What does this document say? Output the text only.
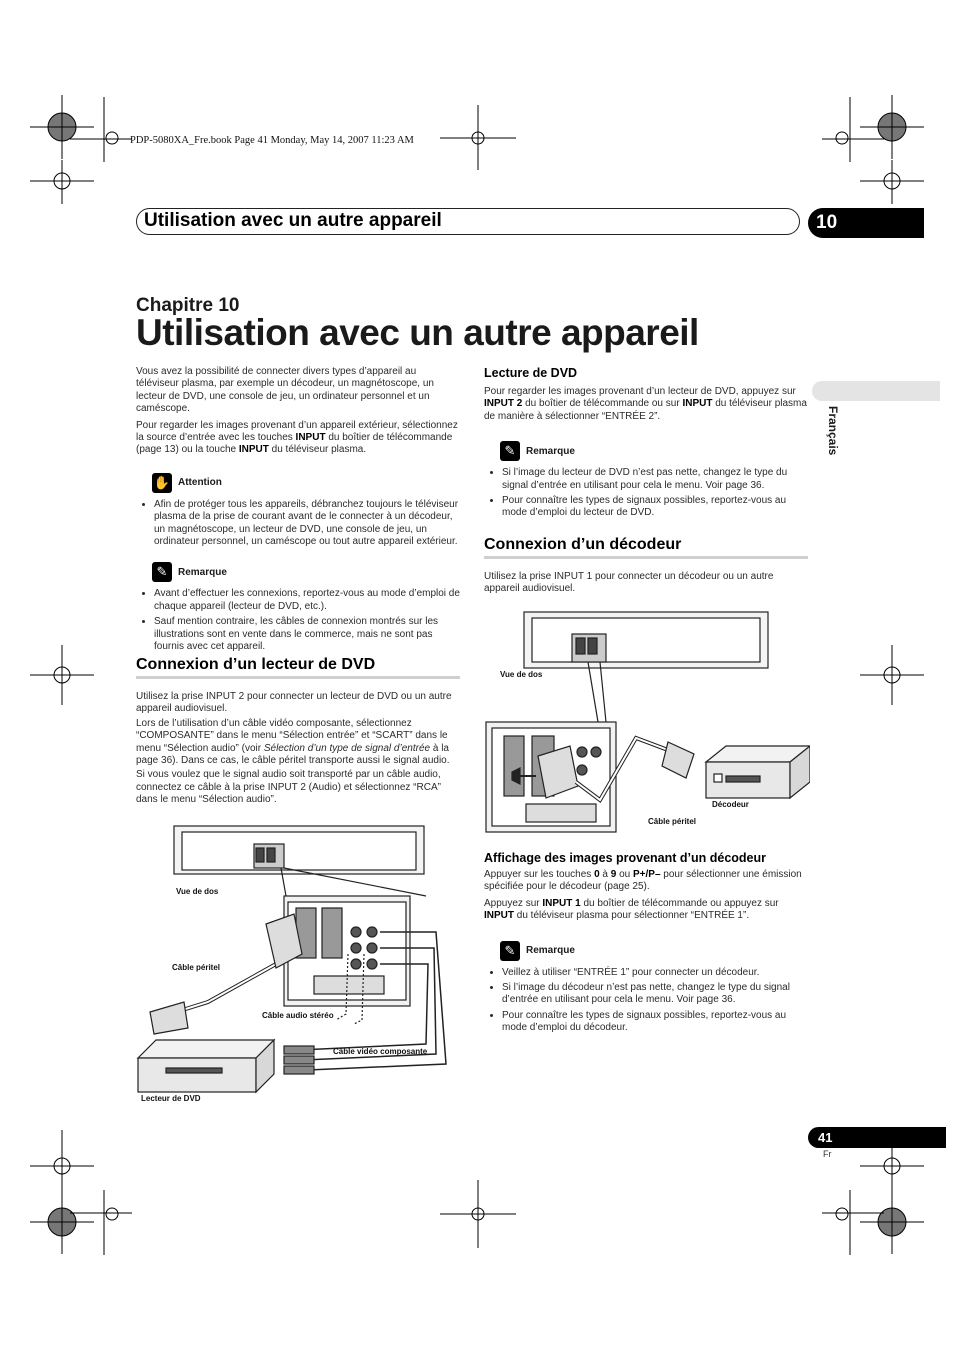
PDP-5080XA_Fre.book Page 41 Monday, May 14, 2007 11:23 AM
Utilisation avec un autre appareil	10
Chapitre 10
Utilisation avec un autre appareil
Français

Vous avez la possibilité de connecter divers types d’appareil au téléviseur plasma, par exemple un décodeur, un magnétoscope, un lecteur de DVD, une console de jeu, un ordinateur personnel et un caméscope.

Pour regarder les images provenant d’un appareil extérieur, sélectionnez la source d’entrée avec les touches INPUT du boîtier de télécommande (page 13) ou la touche INPUT du téléviseur plasma.

✋ Attention
• Afin de protéger tous les appareils, débranchez toujours le téléviseur plasma de la prise de courant avant de le connecter à un décodeur, un magnétoscope, un lecteur de DVD, une console de jeu, un ordinateur personnel, un caméscope ou tout autre appareil extérieur.
✎	Remarque
• Avant d’effectuer les connexions, reportez-vous au mode d’emploi de chaque appareil (lecteur de DVD, etc.).
• Sauf mention contraire, les câbles de connexion montrés sur les illustrations sont en vente dans le commerce, mais ne sont pas fournis avec cet appareil.
Connexion d’un lecteur de DVD

Utilisez la prise INPUT 2 pour connecter un lecteur de DVD ou un autre appareil audiovisuel.

Lors de l’utilisation d’un câble vidéo composante, sélectionnez “COMPOSANTE” dans le menu “Sélection entrée” et “SCART” dans le menu “Sélection audio” (voir Sélection d’un type de signal d’entrée à la page 36). Dans ce cas, le câble péritel transporte aussi le signal audio.

Si vous voulez que le signal audio soit transporté par un câble audio, connectez ce câble à la prise INPUT 2 (Audio) et sélectionnez “RCA” dans le menu “Sélection audio”.

Vue de dos
Câble péritel
Câble audio stéréo
Câble vidéo composante
Lecteur de DVD
Lecture de DVD

Pour regarder les images provenant d’un lecteur de DVD, appuyez sur INPUT 2 du boîtier de télécommande ou sur INPUT du téléviseur plasma de manière à sélectionner “ENTRÉE 2”.

✎	Remarque
• Si l’image du lecteur de DVD n’est pas nette, changez le type du signal d’entrée en utilisant pour cela le menu. Voir page 36.
• Pour connaître les types de signaux possibles, reportez-vous au mode d’emploi du lecteur de DVD.
Connexion d’un décodeur

Utilisez la prise INPUT 1 pour connecter un décodeur ou un autre appareil audiovisuel.

Vue de dos
Décodeur
Câble péritel
Affichage des images provenant d’un décodeur

Appuyer sur les touches 0 à 9 ou P+/P– pour sélectionner une émission spécifiée pour le décodeur (page 25).

Appuyez sur INPUT 1 du boîtier de télécommande ou appuyez sur INPUT du téléviseur plasma pour sélectionner “ENTRÉE 1”.

✎	Remarque
• Veillez à utiliser “ENTRÉE 1” pour connecter un décodeur.
• Si l’image du décodeur n’est pas nette, changez le type du signal d’entrée en utilisant pour cela le menu. Voir page 36.
• Pour connaître les types de signaux possibles, reportez-vous au mode d’emploi du décodeur.
41
Fr
